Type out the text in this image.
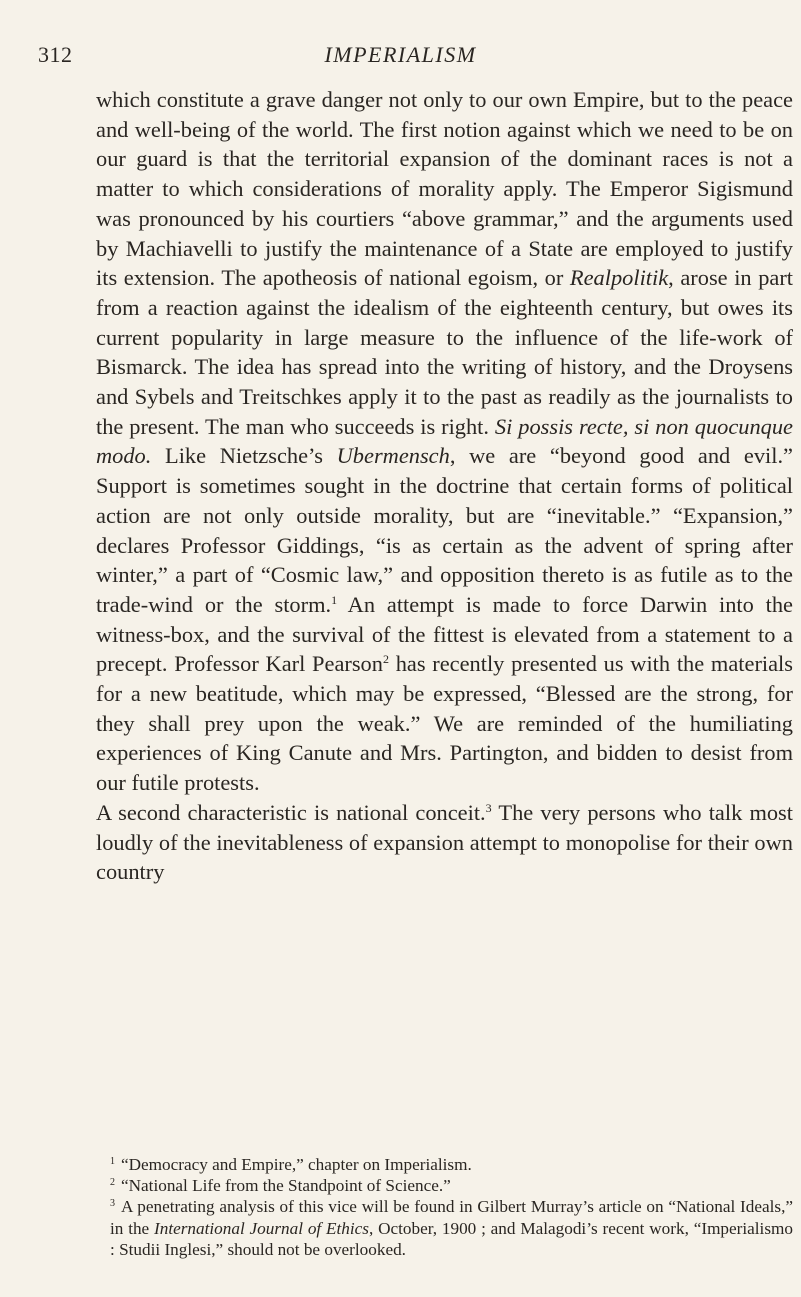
312	IMPERIALISM

which constitute a grave danger not only to our own Empire, but to the peace and well-being of the world. The first notion against which we need to be on our guard is that the territorial expansion of the dominant races is not a matter to which considerations of morality apply. The Emperor Sigismund was pronounced by his courtiers “above grammar,” and the arguments used by Machiavelli to justify the maintenance of a State are employed to justify its extension. The apotheosis of national egoism, or Realpolitik, arose in part from a reaction against the idealism of the eighteenth century, but owes its current popularity in large measure to the influence of the life-work of Bismarck. The idea has spread into the writing of history, and the Droysens and Sybels and Treitschkes apply it to the past as readily as the journalists to the present. The man who succeeds is right. Si possis recte, si non quocunque modo. Like Nietzsche’s Ubermensch, we are “beyond good and evil.” Support is sometimes sought in the doctrine that certain forms of political action are not only outside morality, but are “inevitable.” “Expansion,” declares Professor Giddings, “is as certain as the advent of spring after winter,” a part of “Cosmic law,” and opposition thereto is as futile as to the trade-wind or the storm.$^1$ An attempt is made to force Darwin into the witness-box, and the survival of the fittest is elevated from a statement to a precept. Professor Karl Pearson$^2$ has recently presented us with the materials for a new beatitude, which may be expressed, “Blessed are the strong, for they shall prey upon the weak.” We are reminded of the humiliating experiences of King Canute and Mrs. Partington, and bidden to desist from our futile protests.

A second characteristic is national conceit.$^3$ The very persons who talk most loudly of the inevitableness of expansion attempt to monopolise for their own country

$^1$ “Democracy and Empire,” chapter on Imperialism.

$^2$ “National Life from the Standpoint of Science.”

$^3$ A penetrating analysis of this vice will be found in Gilbert Murray’s article on “National Ideals,” in the International Journal of Ethics, October, 1900 ; and Malagodi’s recent work, “Imperialismo : Studii Inglesi,” should not be overlooked.
